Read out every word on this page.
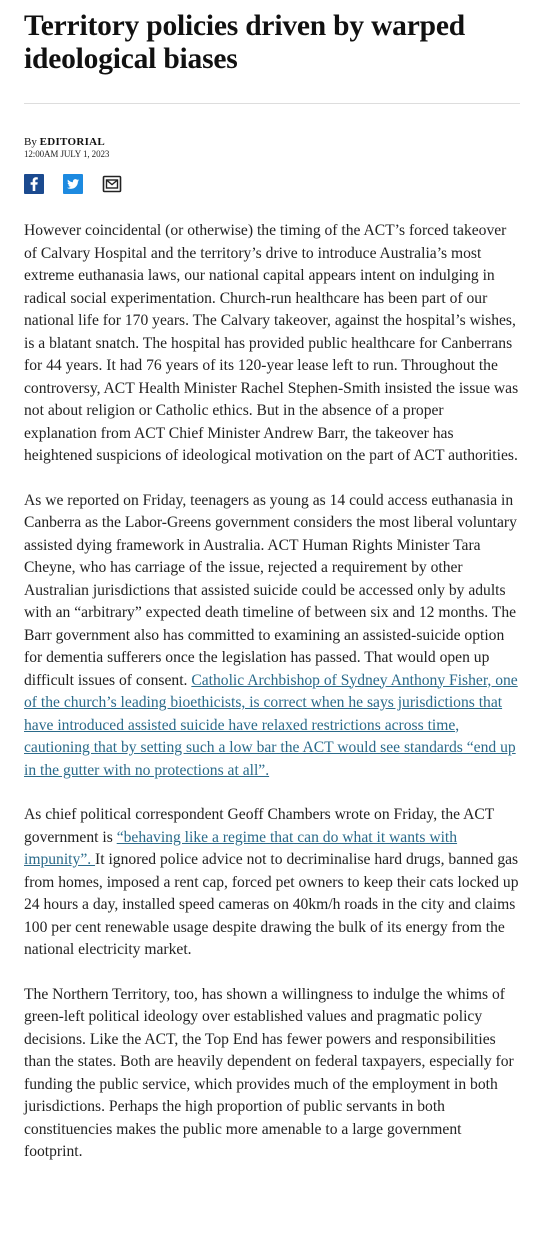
Territory policies driven by warped ideological biases
By EDITORIAL
12:00AM JULY 1, 2023

However coincidental (or otherwise) the timing of the ACT’s forced takeover of Calvary Hospital and the territory’s drive to introduce Australia’s most extreme euthanasia laws, our national capital appears intent on indulging in radical social experimentation. Church-run healthcare has been part of our national life for 170 years. The Calvary takeover, against the hospital’s wishes, is a blatant snatch. The hospital has provided public healthcare for Canberrans for 44 years. It had 76 years of its 120-year lease left to run. Throughout the controversy, ACT Health Minister Rachel Stephen-Smith insisted the issue was not about religion or Catholic ethics. But in the absence of a proper explanation from ACT Chief Minister Andrew Barr, the takeover has heightened suspicions of ideological motivation on the part of ACT authorities.

As we reported on Friday, teenagers as young as 14 could access euthanasia in Canberra as the Labor-Greens government considers the most liberal voluntary assisted dying framework in Australia. ACT Human Rights Minister Tara Cheyne, who has carriage of the issue, rejected a requirement by other Australian jurisdictions that assisted suicide could be accessed only by adults with an “arbitrary” expected death timeline of between six and 12 months. The Barr government also has committed to examining an assisted-suicide option for dementia sufferers once the legislation has passed. That would open up difficult issues of consent. Catholic Archbishop of Sydney Anthony Fisher, one of the church’s leading bioethicists, is correct when he says jurisdictions that have introduced assisted suicide have relaxed restrictions across time, cautioning that by setting such a low bar the ACT would see standards “end up in the gutter with no protections at all”.

As chief political correspondent Geoff Chambers wrote on Friday, the ACT government is “behaving like a regime that can do what it wants with impunity”. It ignored police advice not to decriminalise hard drugs, banned gas from homes, imposed a rent cap, forced pet owners to keep their cats locked up 24 hours a day, installed speed cameras on 40km/h roads in the city and claims 100 per cent renewable usage despite drawing the bulk of its energy from the national electricity market.

The Northern Territory, too, has shown a willingness to indulge the whims of green-left political ideology over established values and pragmatic policy decisions. Like the ACT, the Top End has fewer powers and responsibilities than the states. Both are heavily dependent on federal taxpayers, especially for funding the public service, which provides much of the employment in both jurisdictions. Perhaps the high proportion of public servants in both constituencies makes the public more amenable to a large government footprint.
